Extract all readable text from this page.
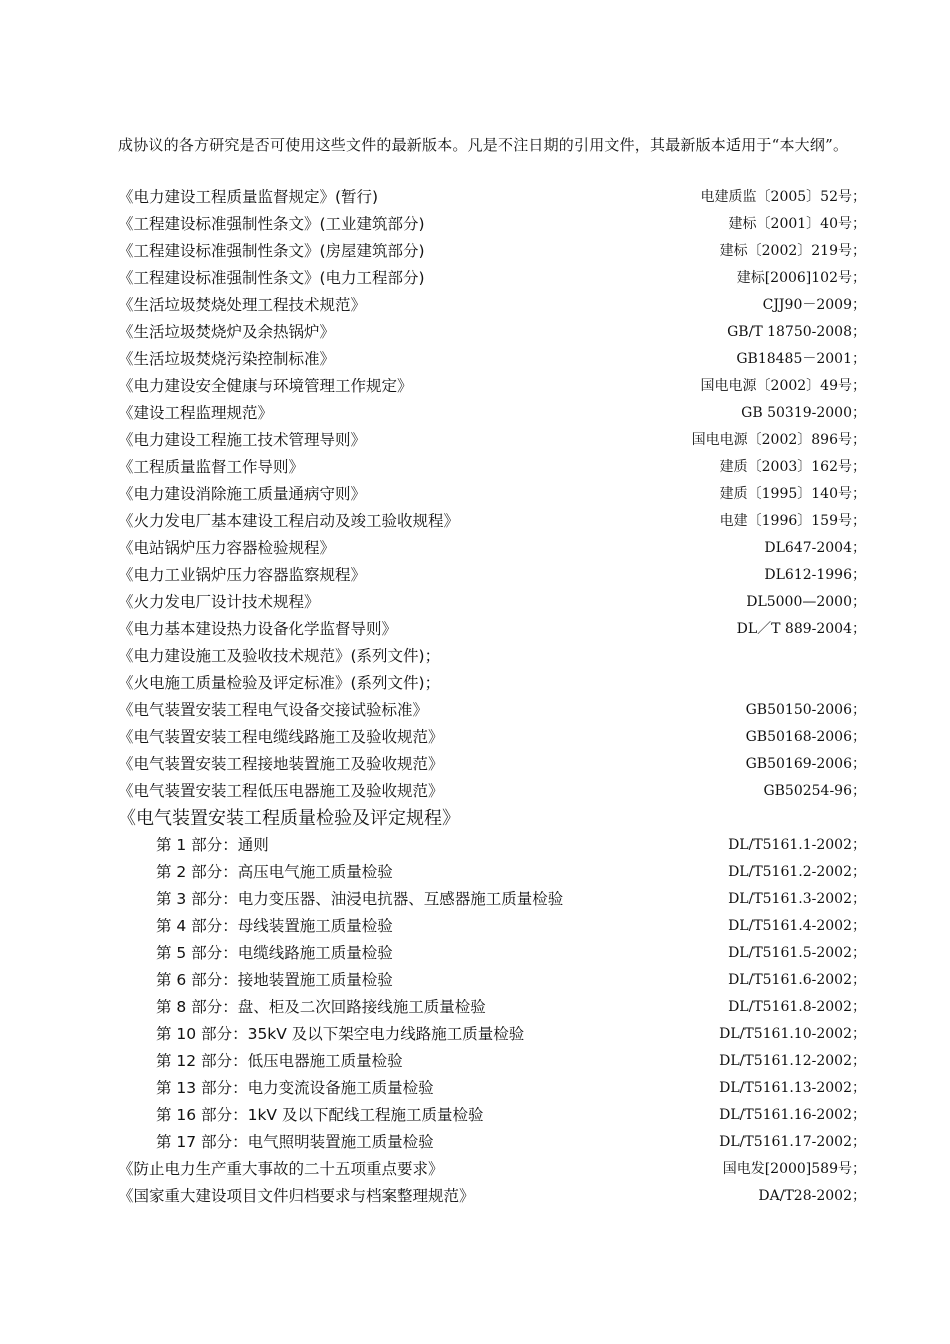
成协议的各方研究是否可使用这些文件的最新版本。凡是不注日期的引用文件，其最新版本适用于“本大纲”。

《电力建设工程质量监督规定》(暂行)	电建质监〔2005〕52号；
《工程建设标准强制性条文》(工业建筑部分)	建标〔2001〕40号；
《工程建设标准强制性条文》(房屋建筑部分)	建标〔2002〕219号；
《工程建设标准强制性条文》(电力工程部分)	建标[2006]102号；
《生活垃圾焚烧处理工程技术规范》	CJJ90－2009；
《生活垃圾焚烧炉及余热锅炉》	GB/T 18750-2008；
《生活垃圾焚烧污染控制标准》	GB18485－2001；
《电力建设安全健康与环境管理工作规定》	国电电源〔2002〕49号；
《建设工程监理规范》	GB 50319-2000；
《电力建设工程施工技术管理导则》	国电电源〔2002〕896号；
《工程质量监督工作导则》	建质〔2003〕162号；
《电力建设消除施工质量通病守则》	建质〔1995〕140号；
《火力发电厂基本建设工程启动及竣工验收规程》	电建〔1996〕159号；
《电站锅炉压力容器检验规程》	DL647-2004；
《电力工业锅炉压力容器监察规程》	DL612-1996；
《火力发电厂设计技术规程》	DL5000—2000；
《电力基本建设热力设备化学监督导则》	DL／T 889-2004；
《电力建设施工及验收技术规范》(系列文件)；
《火电施工质量检验及评定标准》(系列文件)；
《电气装置安装工程电气设备交接试验标准》	GB50150-2006；
《电气装置安装工程电缆线路施工及验收规范》	GB50168-2006；
《电气装置安装工程接地装置施工及验收规范》	GB50169-2006；
《电气装置安装工程低压电器施工及验收规范》	GB50254-96；
《电气装置安装工程质量检验及评定规程》
第 1 部分：通则	DL/T5161.1-2002；
第 2 部分：高压电气施工质量检验	DL/T5161.2-2002；
第 3 部分：电力变压器、油浸电抗器、互感器施工质量检验	DL/T5161.3-2002；
第 4 部分：母线装置施工质量检验	DL/T5161.4-2002；
第 5 部分：电缆线路施工质量检验	DL/T5161.5-2002；
第 6 部分：接地装置施工质量检验	DL/T5161.6-2002；
第 8 部分：盘、柜及二次回路接线施工质量检验	DL/T5161.8-2002；
第 10 部分：35kV 及以下架空电力线路施工质量检验	DL/T5161.10-2002；
第 12 部分：低压电器施工质量检验	DL/T5161.12-2002；
第 13 部分：电力变流设备施工质量检验	DL/T5161.13-2002；
第 16 部分：1kV 及以下配线工程施工质量检验	DL/T5161.16-2002；
第 17 部分：电气照明装置施工质量检验	DL/T5161.17-2002；
《防止电力生产重大事故的二十五项重点要求》	国电发[2000]589号；
《国家重大建设项目文件归档要求与档案整理规范》	DA/T28-2002；
